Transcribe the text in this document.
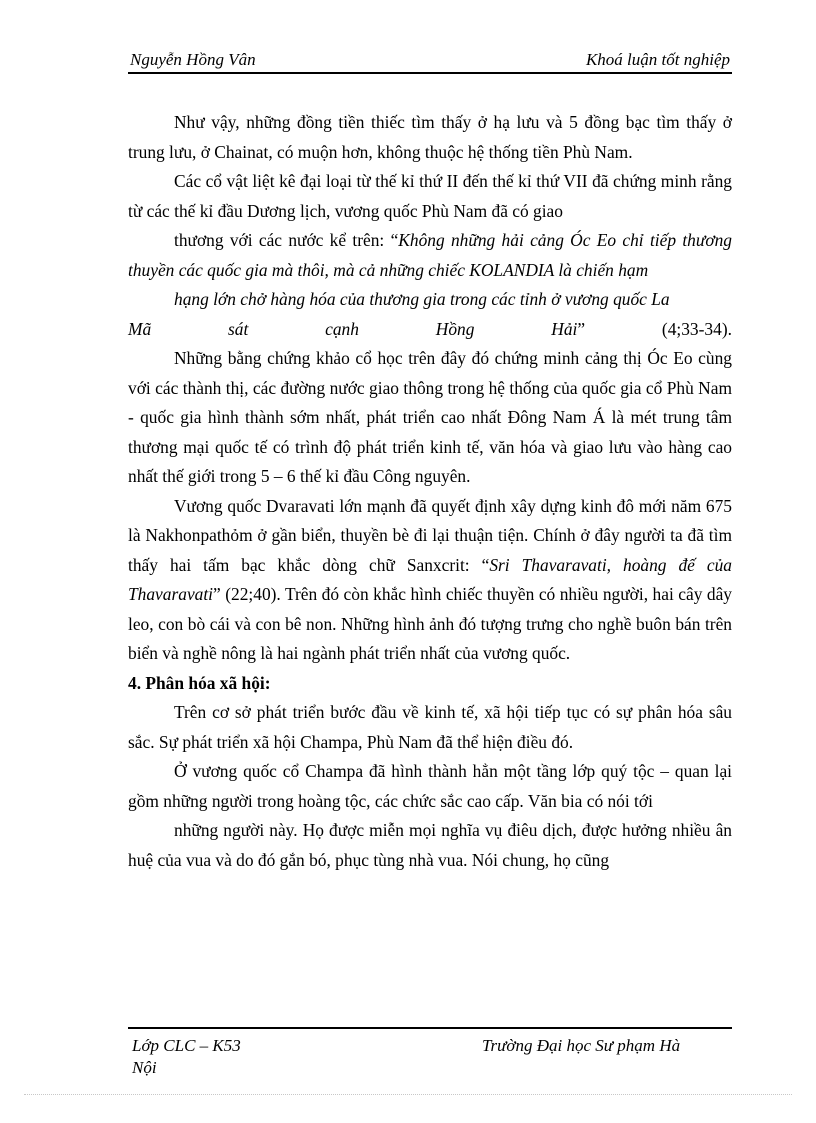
Nguyễn Hồng Vân	Khoá luận tốt nghiệp

Như vậy, những đồng tiền thiếc tìm thấy ở hạ lưu và 5 đồng bạc tìm thấy ở trung lưu, ở Chainat, có muộn hơn, không thuộc hệ thống tiền Phù Nam.

Các cổ vật liệt kê đại loại từ thế kỉ thứ II đến thế kỉ thứ VII đã chứng minh rằng từ các thế kỉ đầu Dương lịch, vương quốc Phù Nam đã có giao

thương với các nước kể trên: “Không những hải cảng Óc Eo chỉ tiếp thương thuyền các quốc gia mà thôi, mà cả những chiếc KOLANDIA là chiến hạm

hạng lớn chở hàng hóa của thương gia trong các tỉnh ở vương quốc La

Mã	sát	cạnh	Hồng	Hải”	(4;33-34).

Những bằng chứng khảo cổ học trên đây đó chứng minh cảng thị Óc Eo cùng với các thành thị, các đường nước giao thông trong hệ thống của quốc gia cổ Phù Nam - quốc gia hình thành sớm nhất, phát triển cao nhất Đông Nam Á là mét trung tâm thương mại quốc tế có trình độ phát triển kinh tế, văn hóa và giao lưu vào hàng cao nhất thế giới trong 5 – 6 thế kỉ đầu Công nguyên.

Vương quốc Dvaravati lớn mạnh đã quyết định xây dựng kinh đô mới năm 675 là Nakhonpathỏm ở gần biển, thuyền bè đi lại thuận tiện. Chính ở đây người ta đã tìm thấy hai tấm bạc khắc dòng chữ Sanxcrit: “Sri Thavaravati, hoàng đế của Thavaravati” (22;40). Trên đó còn khắc hình chiếc thuyền có nhiều người, hai cây dây leo, con bò cái và con bê non. Những hình ảnh đó tượng trưng cho nghề buôn bán trên biển và nghề nông là hai ngành phát triển nhất của vương quốc.

4. Phân hóa xã hội:

Trên cơ sở phát triển bước đầu về kinh tế, xã hội tiếp tục có sự phân hóa sâu sắc. Sự phát triển xã hội Champa, Phù Nam đã thể hiện điều đó.

Ở vương quốc cổ Champa đã hình thành hẳn một tầng lớp quý tộc – quan lại gồm những người trong hoàng tộc, các chức sắc cao cấp. Văn bia có nói tới

những người này. Họ được miễn mọi nghĩa vụ điêu dịch, được hưởng nhiều ân huệ của vua và do đó gắn bó, phục tùng nhà vua. Nói chung, họ cũng

Lớp CLC – K53	Trường Đại học Sư phạm Hà
Nội
